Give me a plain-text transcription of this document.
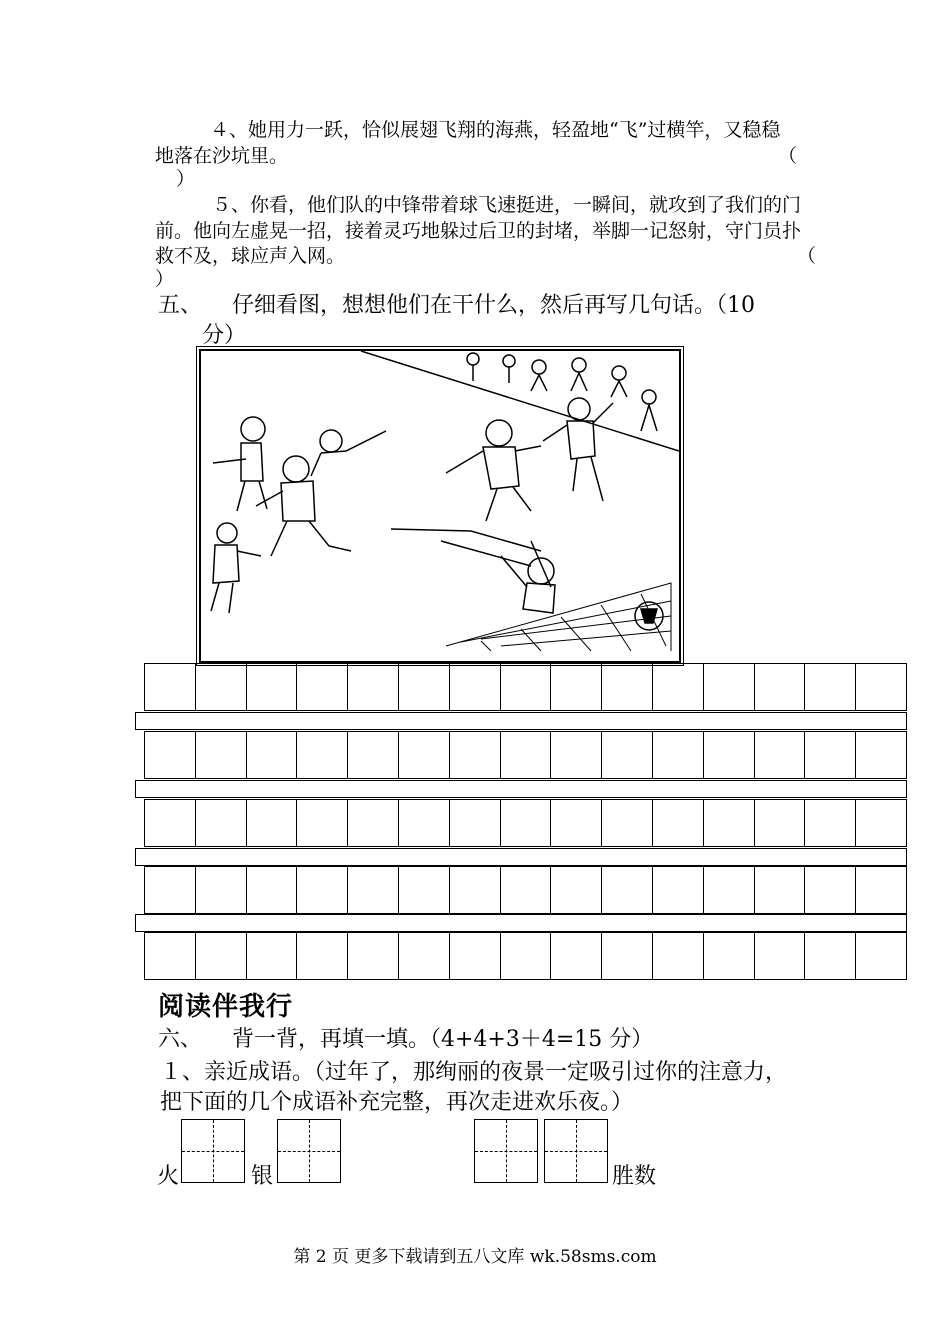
４、她用力一跃，恰似展翅飞翔的海燕，轻盈地“飞”过横竿，又稳稳
地落在沙坑里。	（
）
５、你看，他们队的中锋带着球飞速挺进，一瞬间，就攻到了我们的门
前。他向左虚晃一招，接着灵巧地躲过后卫的封堵，举脚一记怒射，守门员扑
救不及，球应声入网。	（
）
五、 仔细看图，想想他们在干什么，然后再写几句话。（10
分）
阅读伴我行
六、 背一背，再填一填。（4+4+3＋4=15 分）
１、亲近成语。（过年了，那绚丽的夜景一定吸引过你的注意力，
把下面的几个成语补充完整，再次走进欢乐夜。）
火	银	胜数
第 2 页 更多下载请到五八文库 wk.58sms.com
